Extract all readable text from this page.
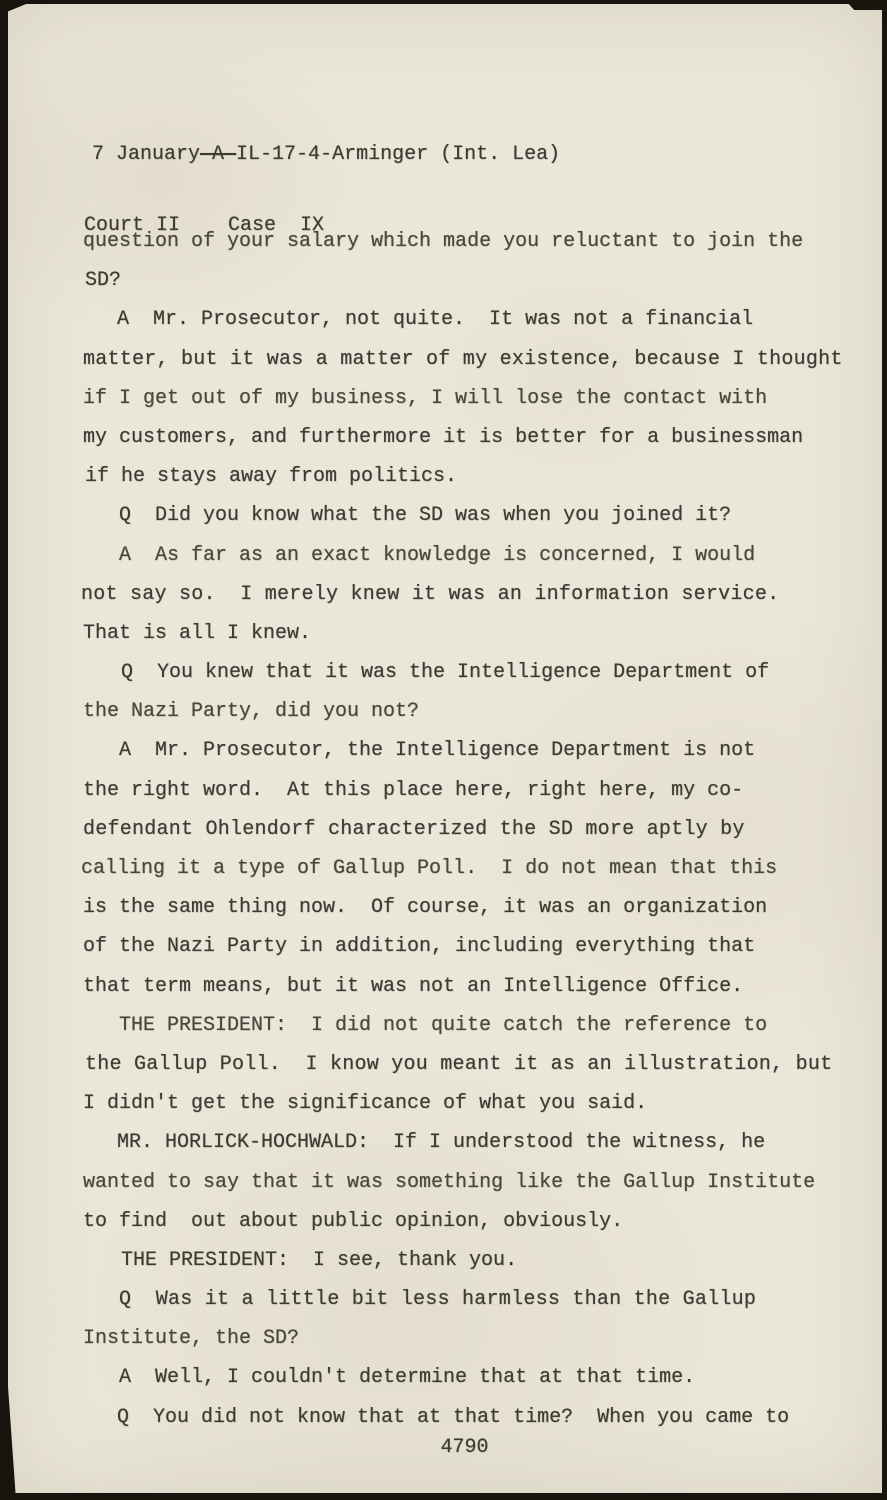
7 January—A—IL-17-4-Arminger (Int. Lea)

Court II    Case  IX

question of your salary which made you reluctant to join the
SD?
A  Mr. Prosecutor, not quite.  It was not a financial
matter, but it was a matter of my existence, because I thought
if I get out of my business, I will lose the contact with
my customers, and furthermore it is better for a businessman
if he stays away from politics.
Q  Did you know what the SD was when you joined it?
A  As far as an exact knowledge is concerned, I would
not say so.  I merely knew it was an information service.
That is all I knew.
Q  You knew that it was the Intelligence Department of
the Nazi Party, did you not?
A  Mr. Prosecutor, the Intelligence Department is not
the right word.  At this place here, right here, my co-
defendant Ohlendorf characterized the SD more aptly by
calling it a type of Gallup Poll.  I do not mean that this
is the same thing now.  Of course, it was an organization
of the Nazi Party in addition, including everything that
that term means, but it was not an Intelligence Office.
THE PRESIDENT:  I did not quite catch the reference to
the Gallup Poll.  I know you meant it as an illustration, but
I didn't get the significance of what you said.
MR. HORLICK-HOCHWALD:  If I understood the witness, he
wanted to say that it was something like the Gallup Institute
to find  out about public opinion, obviously.
THE PRESIDENT:  I see, thank you.
Q  Was it a little bit less harmless than the Gallup
Institute, the SD?
A  Well, I couldn't determine that at that time.
Q  You did not know that at that time?  When you came to
4790
